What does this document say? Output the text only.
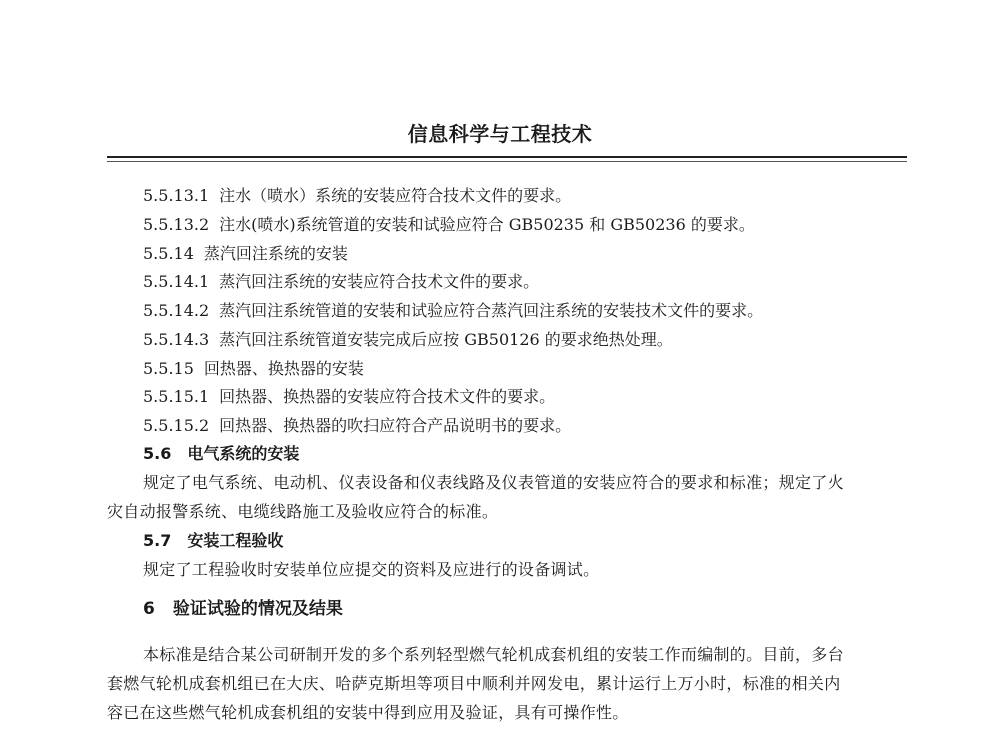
信息科学与工程技术
5.5.13.1 注水（喷水）系统的安装应符合技术文件的要求。
5.5.13.2 注水(喷水)系统管道的安装和试验应符合 GB50235 和 GB50236 的要求。
5.5.14 蒸汽回注系统的安装
5.5.14.1 蒸汽回注系统的安装应符合技术文件的要求。
5.5.14.2 蒸汽回注系统管道的安装和试验应符合蒸汽回注系统的安装技术文件的要求。
5.5.14.3 蒸汽回注系统管道安装完成后应按 GB50126 的要求绝热处理。
5.5.15 回热器、换热器的安装
5.5.15.1 回热器、换热器的安装应符合技术文件的要求。
5.5.15.2 回热器、换热器的吹扫应符合产品说明书的要求。
5.6 电气系统的安装
规定了电气系统、电动机、仪表设备和仪表线路及仪表管道的安装应符合的要求和标准；规定了火
灾自动报警系统、电缆线路施工及验收应符合的标准。
5.7 安装工程验收
规定了工程验收时安装单位应提交的资料及应进行的设备调试。
6 验证试验的情况及结果
本标准是结合某公司研制开发的多个系列轻型燃气轮机成套机组的安装工作而编制的。目前，多台
套燃气轮机成套机组已在大庆、哈萨克斯坦等项目中顺利并网发电，累计运行上万小时，标准的相关内
容已在这些燃气轮机成套机组的安装中得到应用及验证，具有可操作性。
